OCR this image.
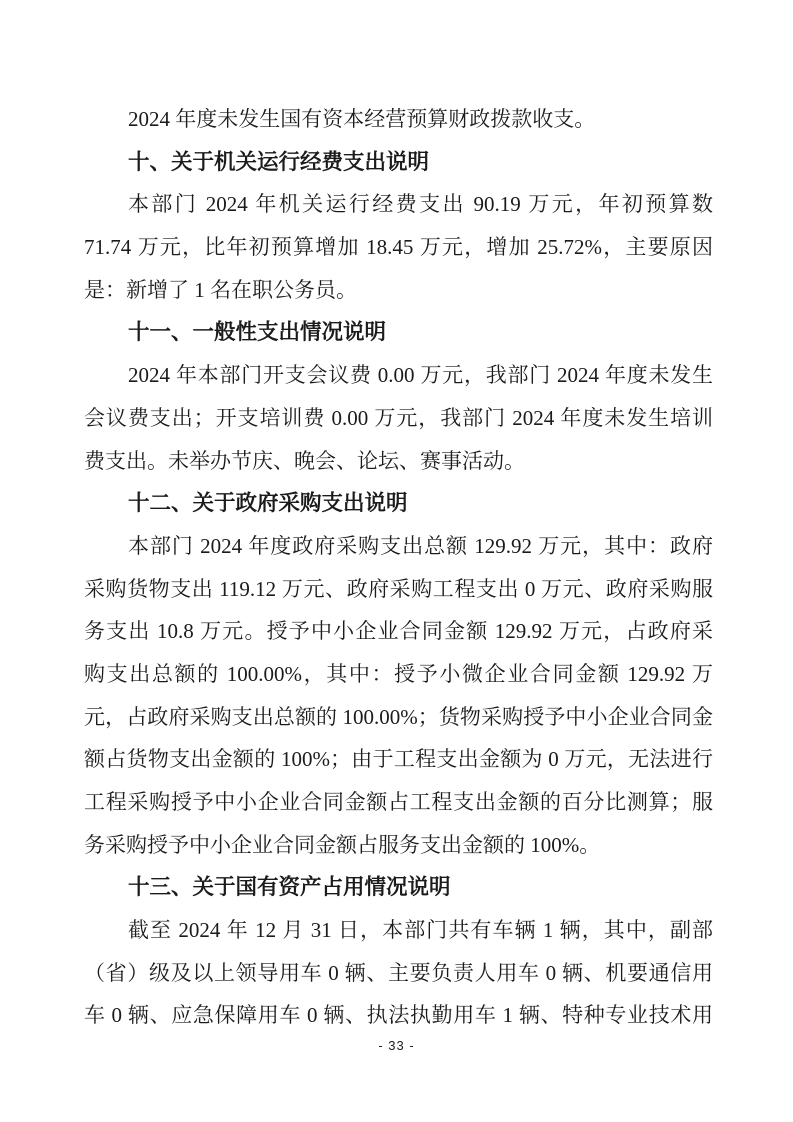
2024 年度未发生国有资本经营预算财政拨款收支。

十、关于机关运行经费支出说明

本部门 2024 年机关运行经费支出 90.19 万元，年初预算数

71.74 万元，比年初预算增加 18.45 万元，增加 25.72%，主要原因

是：新增了 1 名在职公务员。

十一、一般性支出情况说明

2024 年本部门开支会议费 0.00 万元，我部门 2024 年度未发生

会议费支出；开支培训费 0.00 万元，我部门 2024 年度未发生培训

费支出。未举办节庆、晚会、论坛、赛事活动。

十二、关于政府采购支出说明

本部门 2024 年度政府采购支出总额 129.92 万元，其中：政府

采购货物支出 119.12 万元、政府采购工程支出 0 万元、政府采购服

务支出 10.8 万元。授予中小企业合同金额 129.92 万元，占政府采

购支出总额的 100.00%，其中：授予小微企业合同金额 129.92 万

元，占政府采购支出总额的 100.00%；货物采购授予中小企业合同金

额占货物支出金额的 100%；由于工程支出金额为 0 万元，无法进行

工程采购授予中小企业合同金额占工程支出金额的百分比测算；服

务采购授予中小企业合同金额占服务支出金额的 100%。

十三、关于国有资产占用情况说明

截至 2024 年 12 月 31 日，本部门共有车辆 1 辆，其中，副部

（省）级及以上领导用车 0 辆、主要负责人用车 0 辆、机要通信用

车 0 辆、应急保障用车 0 辆、执法执勤用车 1 辆、特种专业技术用

- 33 -
